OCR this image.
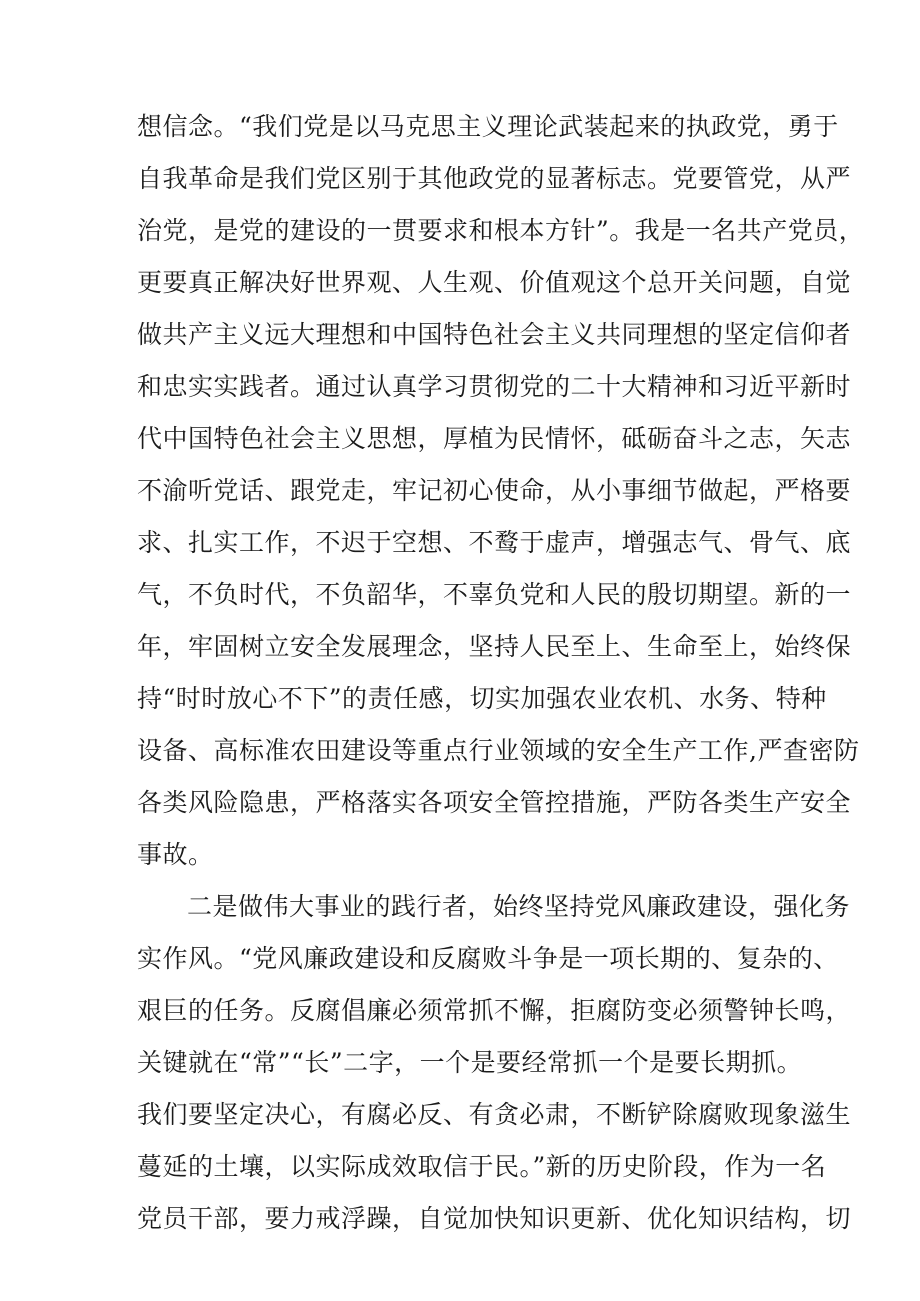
想信念。“我们党是以马克思主义理论武装起来的执政党，勇于
自我革命是我们党区别于其他政党的显著标志。党要管党，从严
治党，是党的建设的一贯要求和根本方针”。我是一名共产党员，
更要真正解决好世界观、人生观、价值观这个总开关问题，自觉
做共产主义远大理想和中国特色社会主义共同理想的坚定信仰者
和忠实实践者。通过认真学习贯彻党的二十大精神和习近平新时
代中国特色社会主义思想，厚植为民情怀，砥砺奋斗之志，矢志
不渝听党话、跟党走，牢记初心使命，从小事细节做起，严格要
求、扎实工作，不迟于空想、不鹜于虚声，增强志气、骨气、底
气，不负时代，不负韶华，不辜负党和人民的殷切期望。新的一
年，牢固树立安全发展理念，坚持人民至上、生命至上，始终保
持“时时放心不下”的责任感，切实加强农业农机、水务、特种
设备、高标准农田建设等重点行业领域的安全生产工作,严查密防
各类风险隐患，严格落实各项安全管控措施，严防各类生产安全
事故。
二是做伟大事业的践行者，始终坚持党风廉政建设，强化务
实作风。“党风廉政建设和反腐败斗争是一项长期的、复杂的、
艰巨的任务。反腐倡廉必须常抓不懈，拒腐防变必须警钟长鸣，
关键就在“常”“长”二字，一个是要经常抓一个是要长期抓。
我们要坚定决心，有腐必反、有贪必肃，不断铲除腐败现象滋生
蔓延的土壤，以实际成效取信于民。”新的历史阶段，作为一名
党员干部，要力戒浮躁，自觉加快知识更新、优化知识结构，切
